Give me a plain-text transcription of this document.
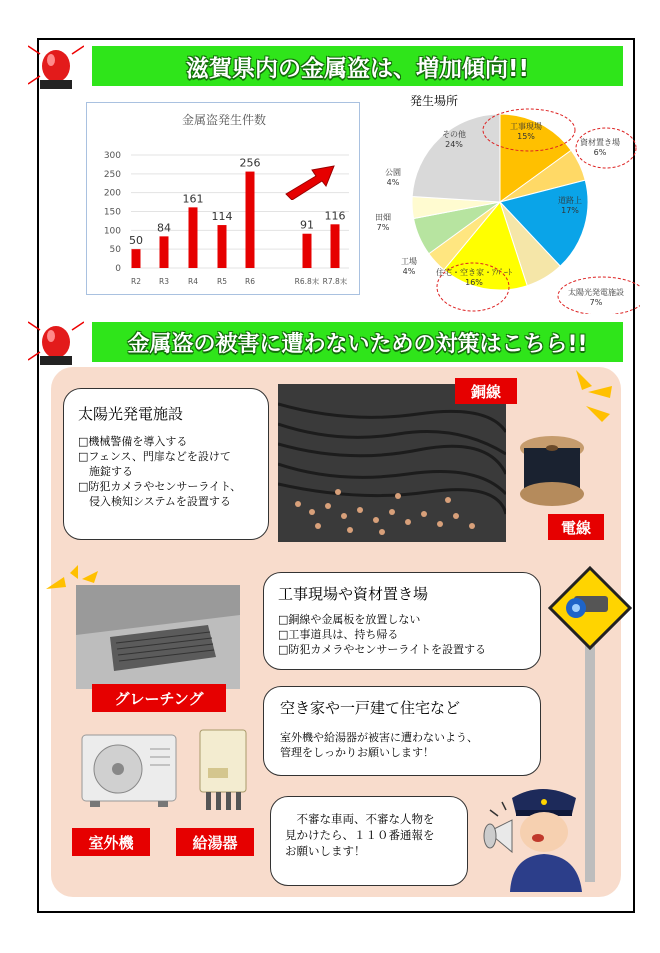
滋賀県内の金属盗は、増加傾向!!
金属盗発生件数
0
50
100
150
200
250
300
50
R2
84
R3
161
R4
114
R5
256
R6
91
R6.8末
116
R7.8末
発生場所
工事現場
15%
資材置き場
6%
道路上
17%
太陽光発電施設
7%
住宅・空き家・ｱﾊﾟｰﾄ
16%
工場
4%
田畑
7%
公園
4%
その他
24%
金属盗の被害に遭わないための対策はこちら!!
太陽光発電施設
□機械警備を導入する
□フェンス、門扉などを設けて
　施錠する
□防犯カメラやセンサーライト、
　侵入検知システムを設置する
銅線
電線
グレーチング
工事現場や資材置き場
□銅線や金属板を放置しない
□工事道具は、持ち帰る
□防犯カメラやセンサーライトを設置する
室外機	給湯器
空き家や一戸建て住宅など
室外機や給湯器が被害に遭わないよう、
管理をしっかりお願いします！
　不審な車両、不審な人物を
見かけたら、１１０番通報を
お願いします！
